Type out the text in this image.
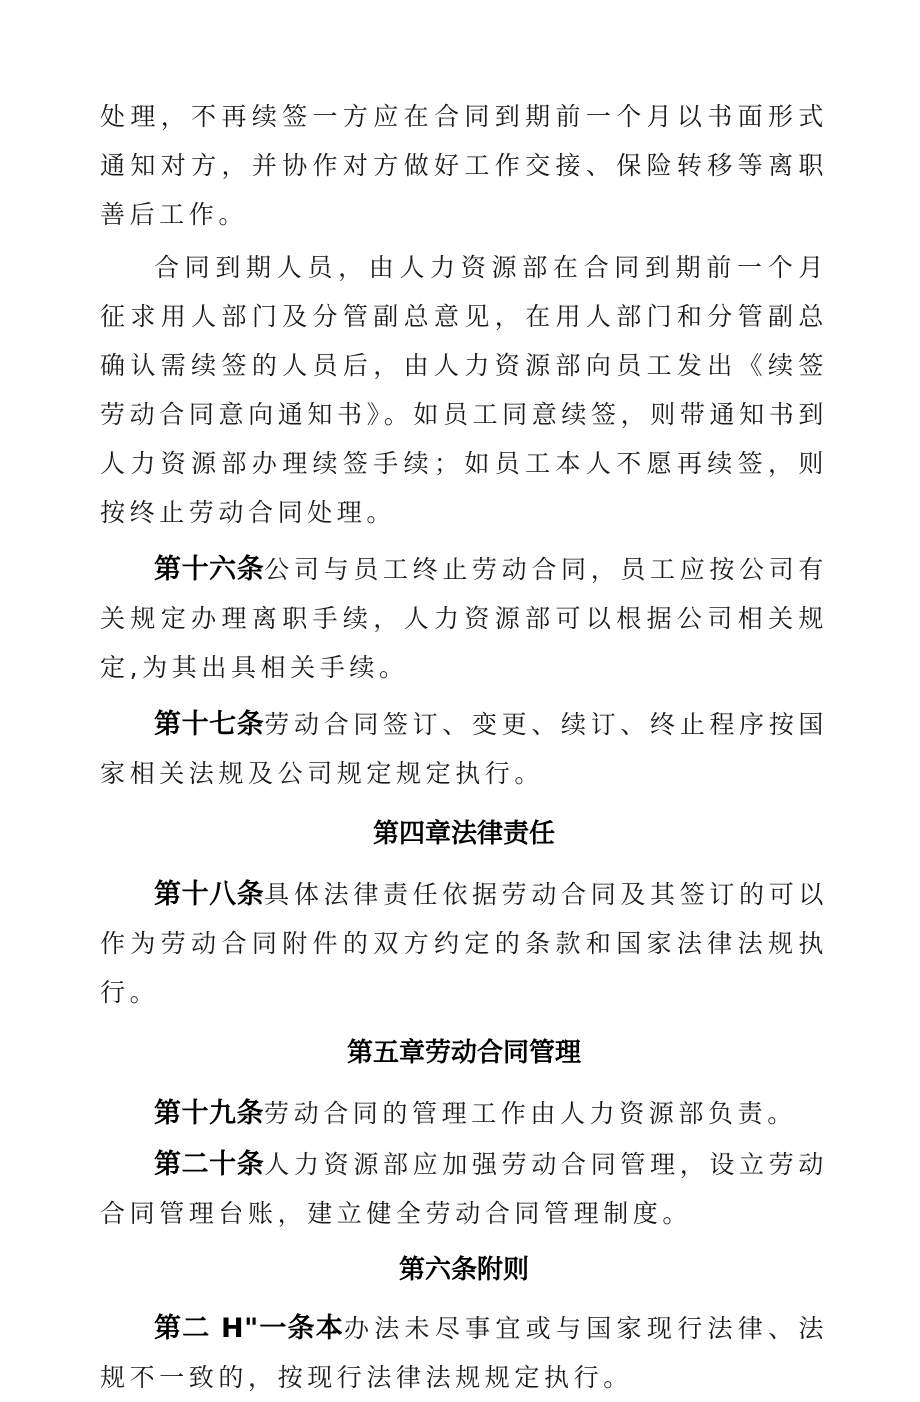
处理，不再续签一方应在合同到期前一个月以书面形式通知对方，并协作对方做好工作交接、保险转移等离职善后工作。

合同到期人员，由人力资源部在合同到期前一个月征求用人部门及分管副总意见，在用人部门和分管副总确认需续签的人员后，由人力资源部向员工发出《续签劳动合同意向通知书》。如员工同意续签，则带通知书到人力资源部办理续签手续；如员工本人不愿再续签，则按终止劳动合同处理。

第十六条公司与员工终止劳动合同，员工应按公司有关规定办理离职手续，人力资源部可以根据公司相关规定,为其出具相关手续。

第十七条劳动合同签订、变更、续订、终止程序按国家相关法规及公司规定规定执行。

第四章法律责任

第十八条具体法律责任依据劳动合同及其签订的可以作为劳动合同附件的双方约定的条款和国家法律法规执行。

第五章劳动合同管理

第十九条劳动合同的管理工作由人力资源部负责。

第二十条人力资源部应加强劳动合同管理，设立劳动合同管理台账，建立健全劳动合同管理制度。

第六条附则

第二 H"一条本办法未尽事宜或与国家现行法律、法规不一致的，按现行法律法规规定执行。
